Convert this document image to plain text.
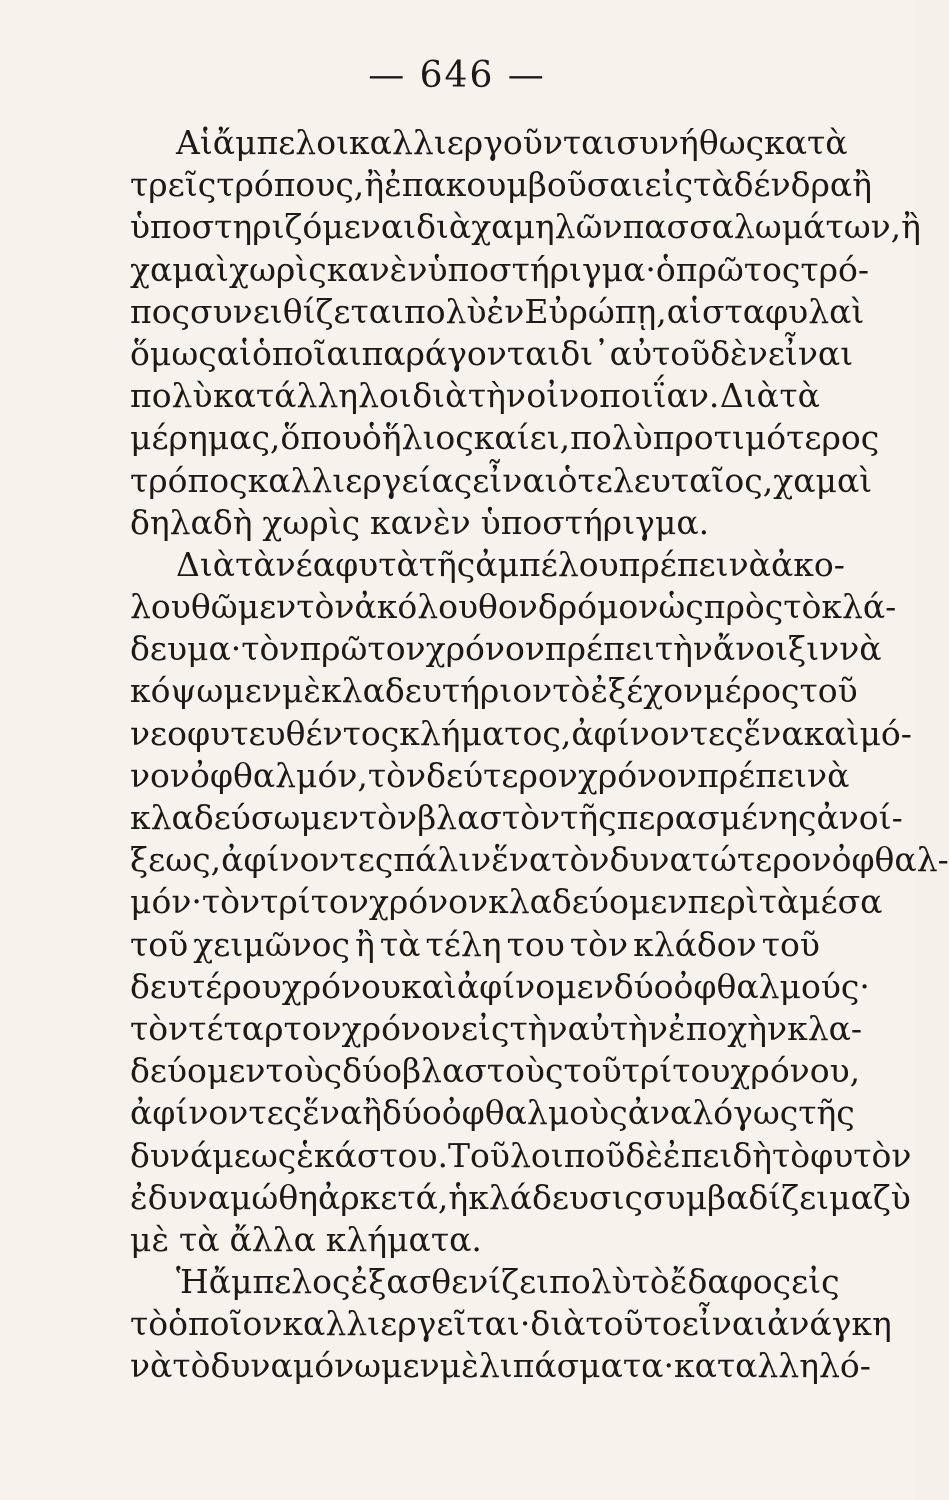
— 646 —
Αἱ ἄμπελοι καλλιεργοῦνται συνήθως κατὰ
τρεῖς τρόπους, ἢ ἐπακουμβοῦσαι εἰς τὰ δένδρα ἢ
ὑποστηριζόμεναι διὰ χαμηλῶν πασσαλωμάτων, ἢ
χαμαὶ χωρὶς κανὲν ὑποστήριγμα· ὁ πρῶτος τρό-
πος συνειθίζεται πολὺ ἐν Εὐρώπῃ, αἱ σταφυλαὶ
ὅμως αἱ ὁποῖαι παράγονται δι᾽ αὐτοῦ δὲν εἶναι
πολὺ κατάλληλοι διὰ τὴν οἰνοποιΐαν. Διὰ τὰ
μέρη μας, ὅπου ὁ ἥλιος καίει, πολὺ προτιμότερος
τρόπος καλλιεργείας εἶναι ὁ τελευταῖος, χαμαὶ
δηλαδὴ χωρὶς κανὲν ὑποστήριγμα.
Διὰ τὰ νέα φυτὰ τῆς ἀμπέλου πρέπει νὰ ἀκο-
λουθῶμεν τὸν ἀκόλουθον δρόμον ὡς πρὸς τὸ κλά-
δευμα· τὸν πρῶτον χρόνον πρέπει τὴν ἄνοιξιν νὰ
κόψωμεν μὲ κλαδευτήριον τὸ ἐξέχον μέρος τοῦ
νεοφυτευθέντος κλήματος, ἀφίνοντες ἕνα καὶ μό-
νον ὀφθαλμόν, τὸν δεύτερον χρόνον πρέπει νὰ
κλαδεύσωμεν τὸν βλαστὸν τῆς περασμένης ἀνοί-
ξεως, ἀφίνοντες πάλιν ἕνα τὸν δυνατώτερον ὀφθαλ-
μόν· τὸν τρίτον χρόνον κλαδεύομεν περὶ τὰ μέσα
τοῦ χειμῶνος ἢ τὰ τέλη του τὸν κλάδον τοῦ
δευτέρου χρόνου καὶ ἀφίνομεν δύο ὀφθαλμούς·
τὸν τέταρτον χρόνον εἰς τὴν αὐτὴν ἐποχὴν κλα-
δεύομεν τοὺς δύο βλαστοὺς τοῦ τρίτου χρόνου,
ἀφίνοντες ἕνα ἢ δύο ὀφθαλμοὺς ἀναλόγως τῆς
δυνάμεως ἑκάστου. Τοῦ λοιποῦ δὲ ἐπειδὴ τὸ φυτὸν
ἐδυναμώθη ἀρκετά, ἡ κλάδευσις συμβαδίζει μαζὺ
μὲ τὰ ἄλλα κλήματα.
Ἡ ἄμπελος ἐξασθενίζει πολὺ τὸ ἔδαφος εἰς
τὸ ὁποῖον καλλιεργεῖται· διὰ τοῦτο εἶναι ἀνάγκη
νὰ τὸ δυναμόνωμεν μὲ λιπάσματα· καταλληλό-
